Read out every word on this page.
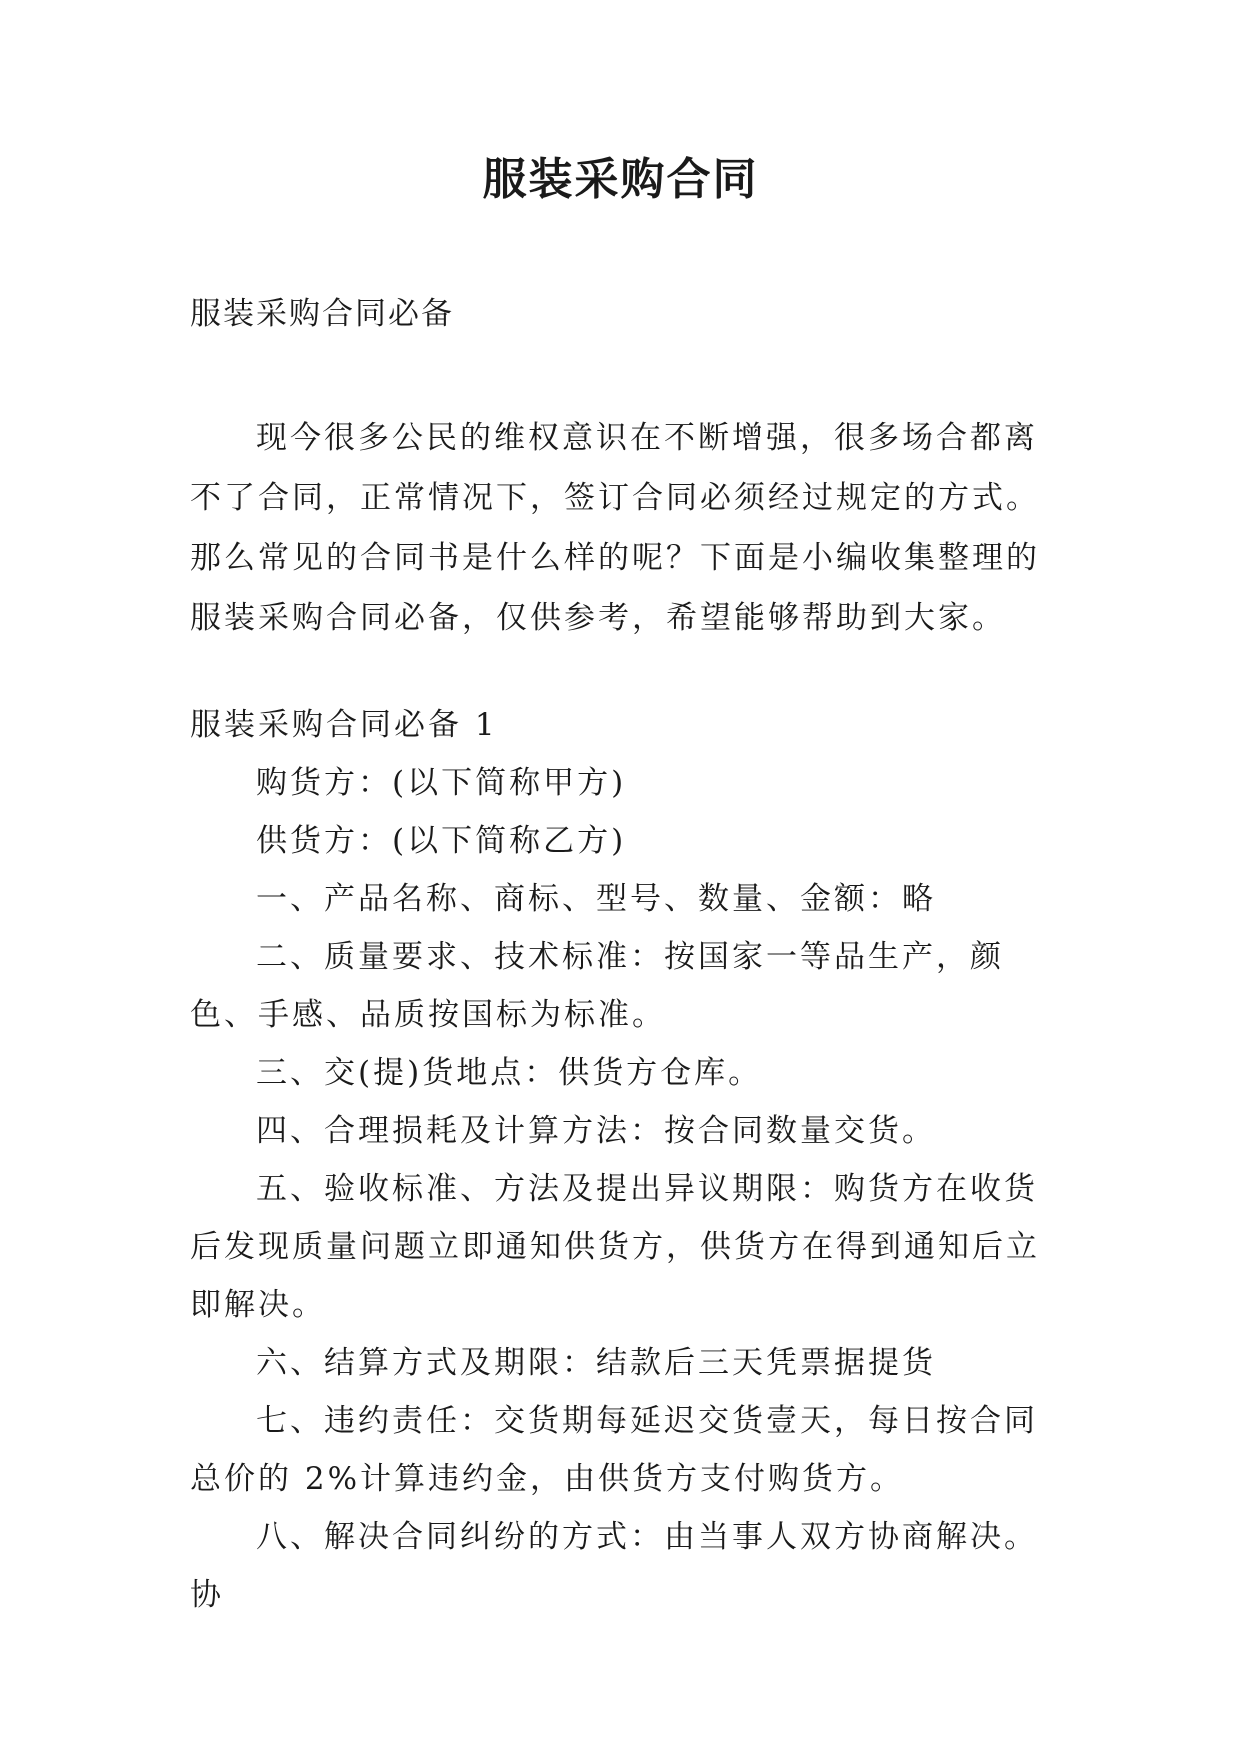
服装采购合同
服装采购合同必备

现今很多公民的维权意识在不断增强，很多场合都离不了合同，正常情况下，签订合同必须经过规定的方式。那么常见的合同书是什么样的呢？下面是小编收集整理的服装采购合同必备，仅供参考，希望能够帮助到大家。

服装采购合同必备 1

购货方：(以下简称甲方)

供货方：(以下简称乙方)

一、产品名称、商标、型号、数量、金额：略

二、质量要求、技术标准：按国家一等品生产，颜色、手感、品质按国标为标准。

三、交(提)货地点：供货方仓库。

四、合理损耗及计算方法：按合同数量交货。

五、验收标准、方法及提出异议期限：购货方在收货后发现质量问题立即通知供货方，供货方在得到通知后立即解决。

六、结算方式及期限：结款后三天凭票据提货

七、违约责任：交货期每延迟交货壹天，每日按合同总价的 2%计算违约金，由供货方支付购货方。

八、解决合同纠纷的方式：由当事人双方协商解决。协
